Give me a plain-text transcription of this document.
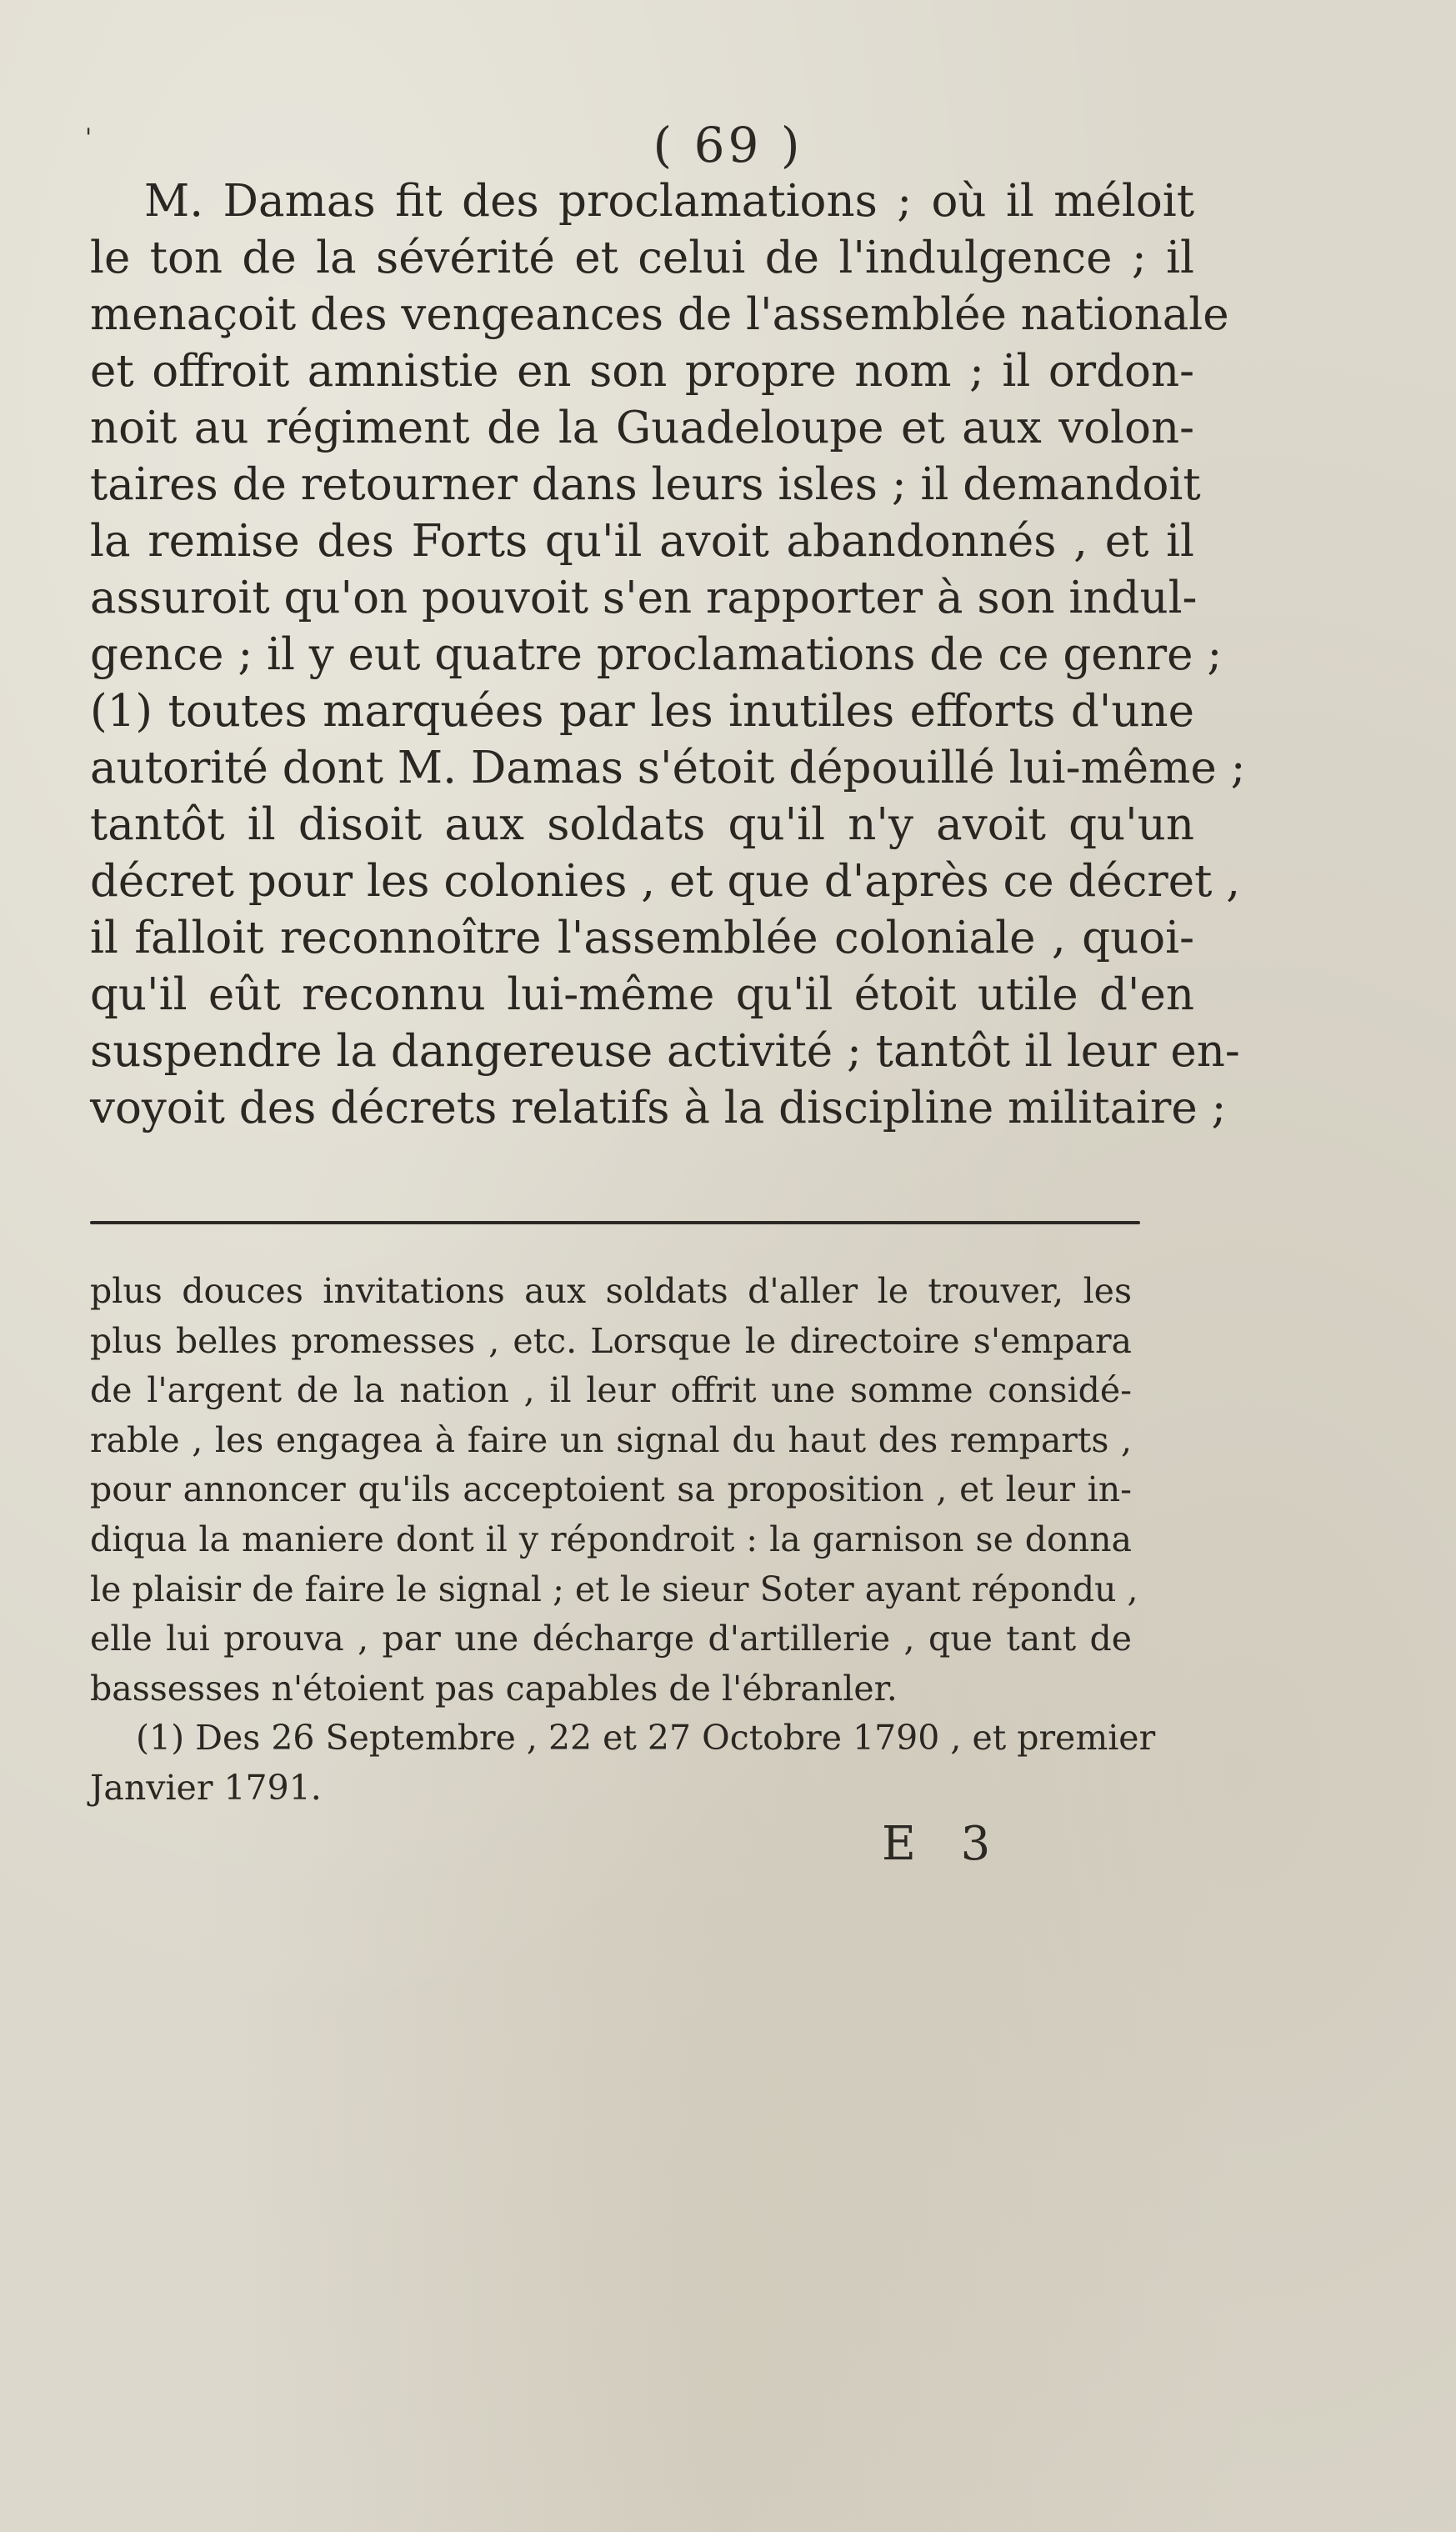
'	( 69 )
M. Damas fit des proclamations ; où il méloit
le ton de la sévérité et celui de l'indulgence ; il
menaçoit des vengeances de l'assemblée nationale
et offroit amnistie en son propre nom ; il ordon-
noit au régiment de la Guadeloupe et aux volon-
taires de retourner dans leurs isles ; il demandoit
la remise des Forts qu'il avoit abandonnés , et il
assuroit qu'on pouvoit s'en rapporter à son indul-
gence ; il y eut quatre proclamations de ce genre ;
(1) toutes marquées par les inutiles efforts d'une
autorité dont M. Damas s'étoit dépouillé lui-même ;
tantôt il disoit aux soldats qu'il n'y avoit qu'un
décret pour les colonies , et que d'après ce décret ,
il falloit reconnoître l'assemblée coloniale , quoi-
qu'il eût reconnu lui-même qu'il étoit utile d'en
suspendre la dangereuse activité ; tantôt il leur en-
voyoit des décrets relatifs à la discipline militaire ;
plus douces invitations aux soldats d'aller le trouver, les
plus belles promesses , etc. Lorsque le directoire s'empara
de l'argent de la nation , il leur offrit une somme considé-
rable , les engagea à faire un signal du haut des remparts ,
pour annoncer qu'ils acceptoient sa proposition , et leur in-
diqua la maniere dont il y répondroit : la garnison se donna
le plaisir de faire le signal ; et le sieur Soter ayant répondu ,
elle lui prouva , par une décharge d'artillerie , que tant de
bassesses n'étoient pas capables de l'ébranler.
(1) Des 26 Septembre , 22 et 27 Octobre 1790 , et premier
Janvier 1791.
E 3
